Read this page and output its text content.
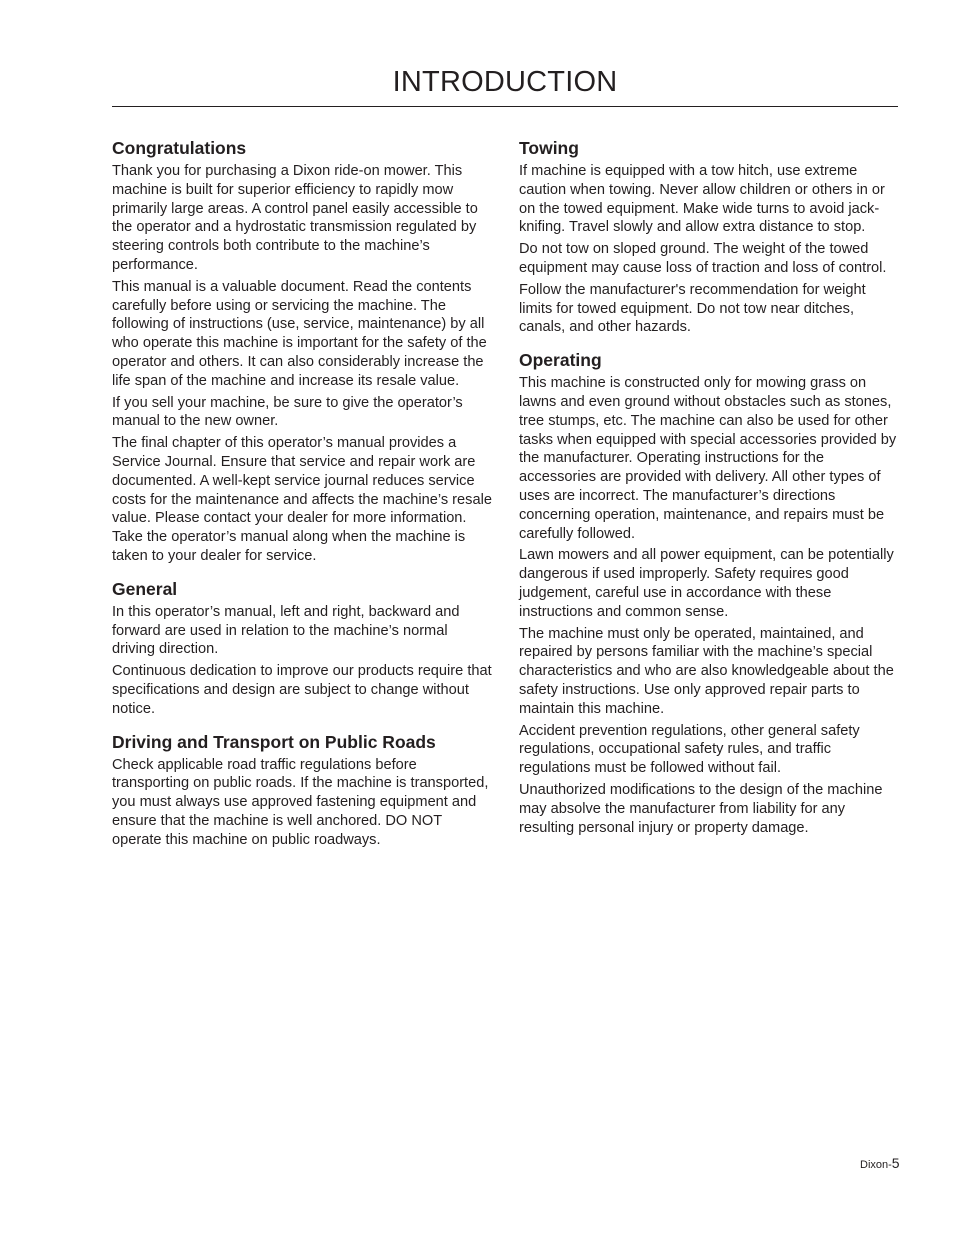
INTRODUCTION
Congratulations

Thank you for purchasing a Dixon ride-on mower. This machine is built for superior efficiency to rapidly mow primarily large areas. A control panel easily accessible to the operator and a hydrostatic transmission regulated by steering controls both contribute to the machine’s performance.

This manual is a valuable document. Read the contents carefully before using or servicing the machine. The following of instructions (use, service, maintenance) by all who operate this machine is important for the safety of the operator and others. It can also considerably increase the life span of the machine and increase its resale value.

If you sell your machine, be sure to give the operator’s manual to the new owner.

The final chapter of this operator’s manual provides a Service Journal. Ensure that service and repair work are documented. A well-kept service journal reduces service costs for the maintenance and affects the machine’s resale value. Please contact your dealer for more information. Take the operator’s manual along when the machine is taken to your dealer for service.

General

In this operator’s manual, left and right, backward and forward are used in relation to the machine’s normal driving direction.

Continuous dedication to improve our products require that specifications and design are subject to change without notice.

Driving and Transport on Public Roads

Check applicable road traffic regulations before transporting on public roads. If the machine is transported, you must always use approved fastening equipment and ensure that the machine is well anchored. DO NOT operate this machine on public roadways.

Towing

If machine is equipped with a tow hitch, use extreme caution when towing. Never allow children or others in or on the towed equipment. Make wide turns to avoid jack-knifing. Travel slowly and allow extra distance to stop.

Do not tow on sloped ground. The weight of the towed equipment may cause loss of traction and loss of control.

Follow the manufacturer's recommendation for weight limits for towed equipment. Do not tow near ditches, canals, and other hazards.

Operating

This machine is constructed only for mowing grass on lawns and even ground without obstacles such as stones, tree stumps, etc. The machine can also be used for other tasks when equipped with special accessories provided by the manufacturer. Operating instructions for the accessories are provided with delivery. All other types of uses are incorrect. The manufacturer’s directions concerning operation, maintenance, and repairs must be carefully followed.

Lawn mowers and all power equipment, can be potentially dangerous if used improperly. Safety requires good judgement, careful use in accordance with these instructions and common sense.

The machine must only be operated, maintained, and repaired by persons familiar with the machine’s special characteristics and who are also knowledgeable about the safety instructions. Use only approved repair parts to maintain this machine.

Accident prevention regulations, other general safety regulations, occupational safety rules, and traffic regulations must be followed without fail.

Unauthorized modifications to the design of the machine may absolve the manufacturer from liability for any resulting personal injury or property damage.

Dixon-5
